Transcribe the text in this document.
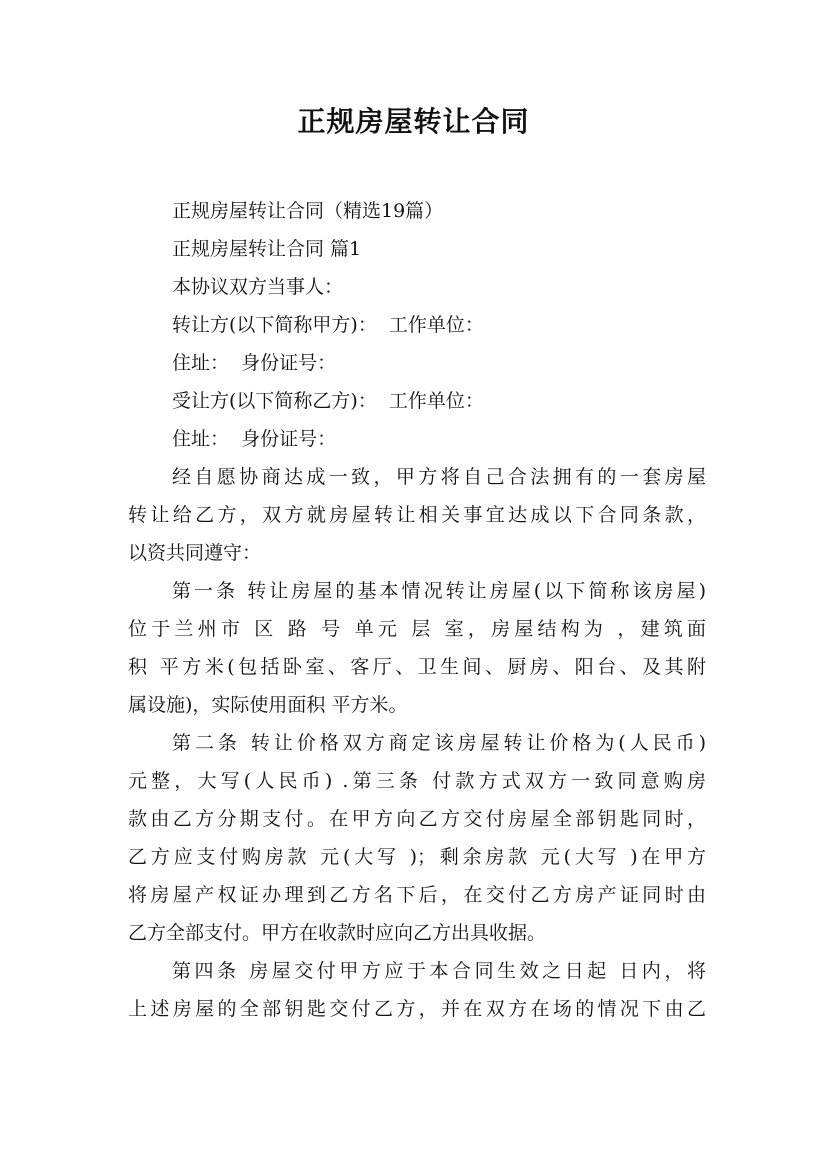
正规房屋转让合同
正规房屋转让合同（精选19篇）
正规房屋转让合同 篇1
本协议双方当事人：
转让方(以下简称甲方)：  工作单位：
住址：  身份证号：
受让方(以下简称乙方)：  工作单位：
住址：  身份证号：
经自愿协商达成一致，甲方将自己合法拥有的一套房屋
转让给乙方，双方就房屋转让相关事宜达成以下合同条款，
以资共同遵守：
第一条 转让房屋的基本情况转让房屋(以下简称该房屋)
位于兰州市 区 路 号 单元 层 室，房屋结构为 ，建筑面
积 平方米(包括卧室、客厅、卫生间、厨房、阳台、及其附
属设施)，实际使用面积 平方米。
第二条 转让价格双方商定该房屋转让价格为(人民币)
元整，大写(人民币) .第三条 付款方式双方一致同意购房
款由乙方分期支付。在甲方向乙方交付房屋全部钥匙同时，
乙方应支付购房款 元(大写 )；剩余房款 元(大写 )在甲方
将房屋产权证办理到乙方名下后，在交付乙方房产证同时由
乙方全部支付。甲方在收款时应向乙方出具收据。
第四条 房屋交付甲方应于本合同生效之日起 日内，将
上述房屋的全部钥匙交付乙方，并在双方在场的情况下由乙
